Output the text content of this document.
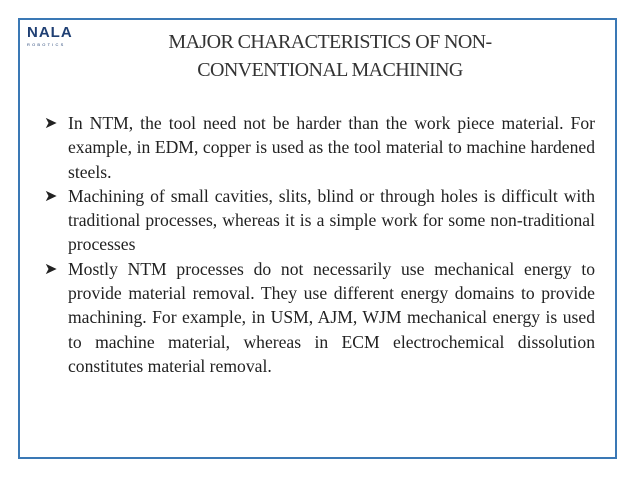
NALA
ROBOTICS	MAJOR CHARACTERISTICS OF NON-CONVENTIONAL MACHINING
➤ In NTM, the tool need not be harder than the work piece material. For example, in EDM, copper is used as the tool material to machine hardened steels.
➤ Machining of small cavities, slits, blind or through holes is difficult with traditional processes, whereas it is a simple work for some non-traditional processes
➤ Mostly NTM processes do not necessarily use mechanical energy to provide material removal. They use different energy domains to provide machining. For example, in USM, AJM, WJM mechanical energy is used to machine material, whereas in ECM electrochemical dissolution constitutes material removal.
